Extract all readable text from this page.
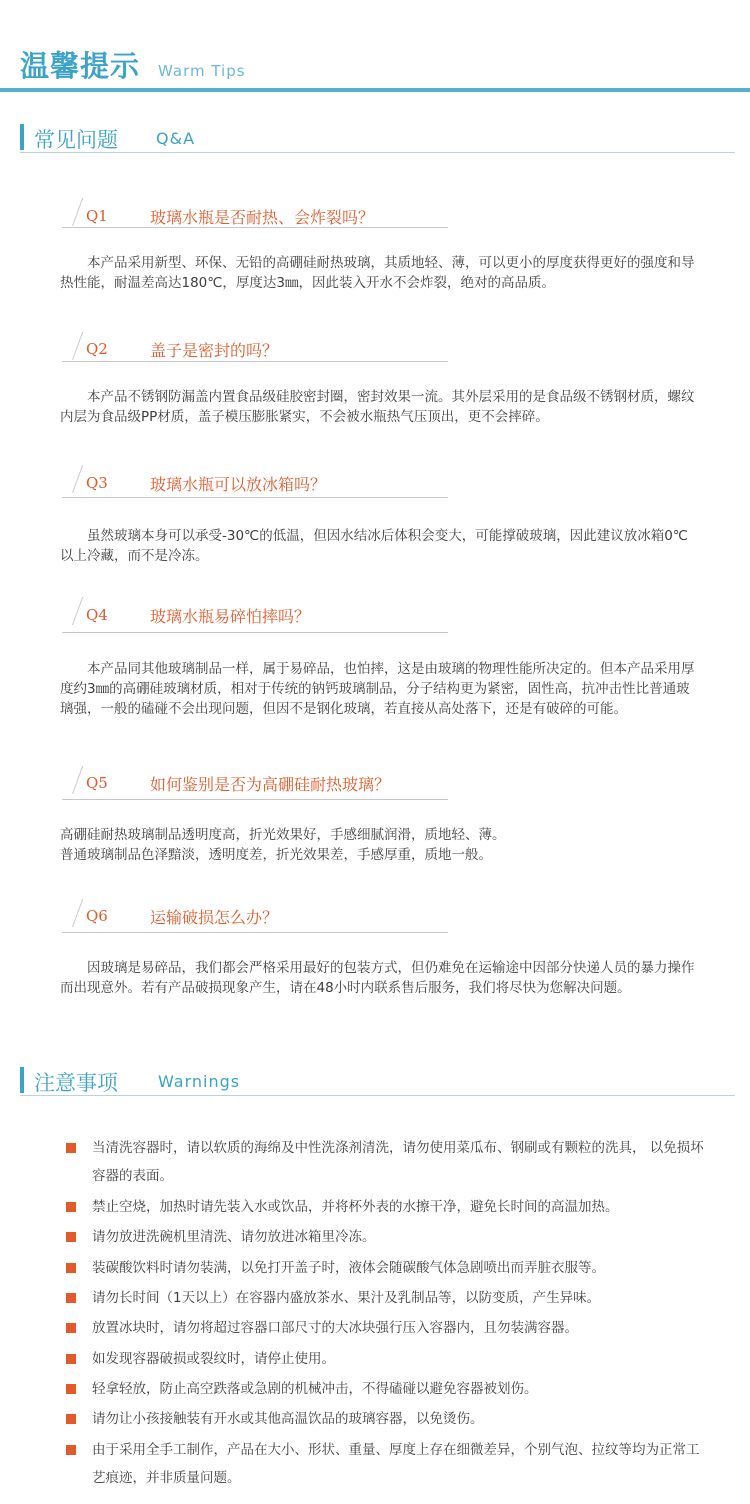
温馨提示 Warm Tips
常见问题 Q&A
Q1	玻璃水瓶是否耐热、会炸裂吗？
本产品采用新型、环保、无铅的高硼硅耐热玻璃，其质地轻、薄，可以更小的厚度获得更好的强度和导热性能，耐温差高达180℃，厚度达3㎜，因此装入开水不会炸裂，绝对的高品质。
Q2	盖子是密封的吗？
本产品不锈钢防漏盖内置食品级硅胶密封圈，密封效果一流。其外层采用的是食品级不锈钢材质，螺纹内层为食品级PP材质，盖子模压膨胀紧实，不会被水瓶热气压顶出，更不会摔碎。
Q3	玻璃水瓶可以放冰箱吗？
虽然玻璃本身可以承受-30℃的低温，但因水结冰后体积会变大，可能撑破玻璃，因此建议放冰箱0℃以上冷藏，而不是冷冻。
Q4	玻璃水瓶易碎怕摔吗？
本产品同其他玻璃制品一样，属于易碎品，也怕摔，这是由玻璃的物理性能所决定的。但本产品采用厚度约3㎜的高硼硅玻璃材质，相对于传统的钠钙玻璃制品，分子结构更为紧密，固性高，抗冲击性比普通玻璃强，一般的磕碰不会出现问题，但因不是钢化玻璃，若直接从高处落下，还是有破碎的可能。
Q5	如何鉴别是否为高硼硅耐热玻璃？
高硼硅耐热玻璃制品透明度高，折光效果好，手感细腻润滑，质地轻、薄。
普通玻璃制品色泽黯淡，透明度差，折光效果差，手感厚重，质地一般。
Q6	运输破损怎么办？
因玻璃是易碎品，我们都会严格采用最好的包装方式，但仍难免在运输途中因部分快递人员的暴力操作而出现意外。若有产品破损现象产生，请在48小时内联系售后服务，我们将尽快为您解决问题。
注意事项	Warnings
当清洗容器时，请以软质的海绵及中性洗涤剂清洗，请勿使用菜瓜布、钢刷或有颗粒的洗具， 以免损坏容器的表面。
禁止空烧，加热时请先装入水或饮品，并将杯外表的水擦干净，避免长时间的高温加热。
请勿放进洗碗机里清洗、请勿放进冰箱里冷冻。
装碳酸饮料时请勿装满，以免打开盖子时，液体会随碳酸气体急剧喷出而弄脏衣服等。
请勿长时间（1天以上）在容器内盛放茶水、果汁及乳制品等，以防变质，产生异味。
放置冰块时，请勿将超过容器口部尺寸的大冰块强行压入容器内，且勿装满容器。
如发现容器破损或裂纹时，请停止使用。
轻拿轻放，防止高空跌落或急剧的机械冲击，不得磕碰以避免容器被划伤。
请勿让小孩接触装有开水或其他高温饮品的玻璃容器，以免烫伤。
由于采用全手工制作，产品在大小、形状、重量、厚度上存在细微差异，个别气泡、拉纹等均为正常工艺痕迹，并非质量问题。
